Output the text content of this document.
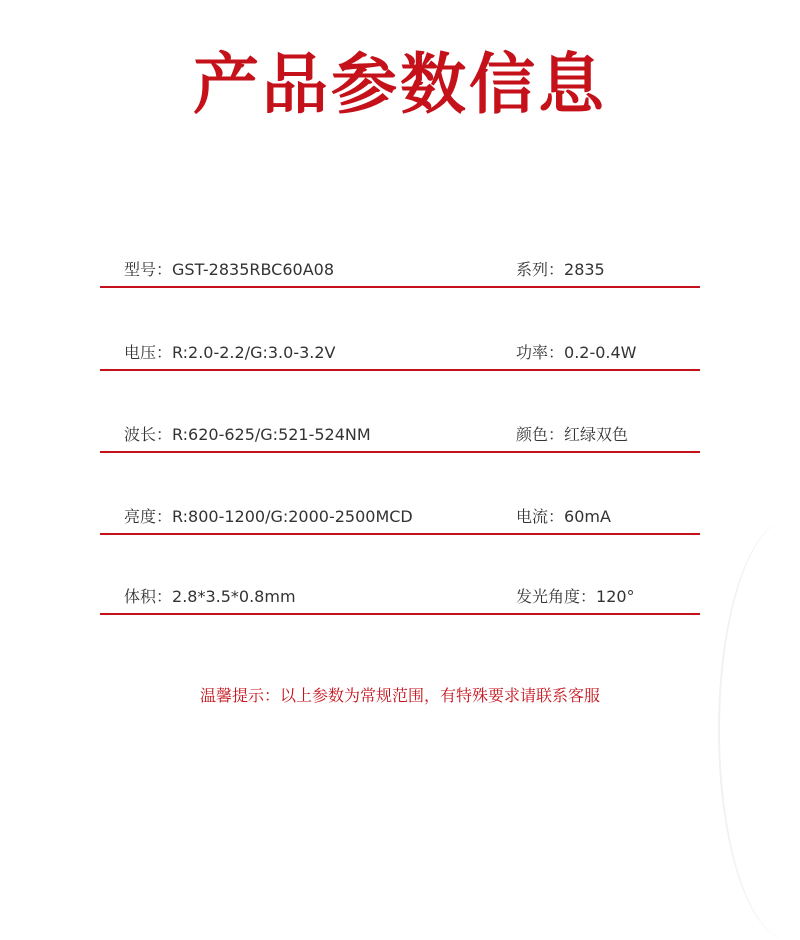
产品参数信息
型号：GST-2835RBC60A08	系列：2835
电压：R:2.0-2.2/G:3.0-3.2V	功率：0.2-0.4W
波长：R:620-625/G:521-524NM	颜色：红绿双色
亮度：R:800-1200/G:2000-2500MCD	电流：60mA
体积：2.8*3.5*0.8mm	发光角度：120°
温馨提示：以上参数为常规范围，有特殊要求请联系客服
